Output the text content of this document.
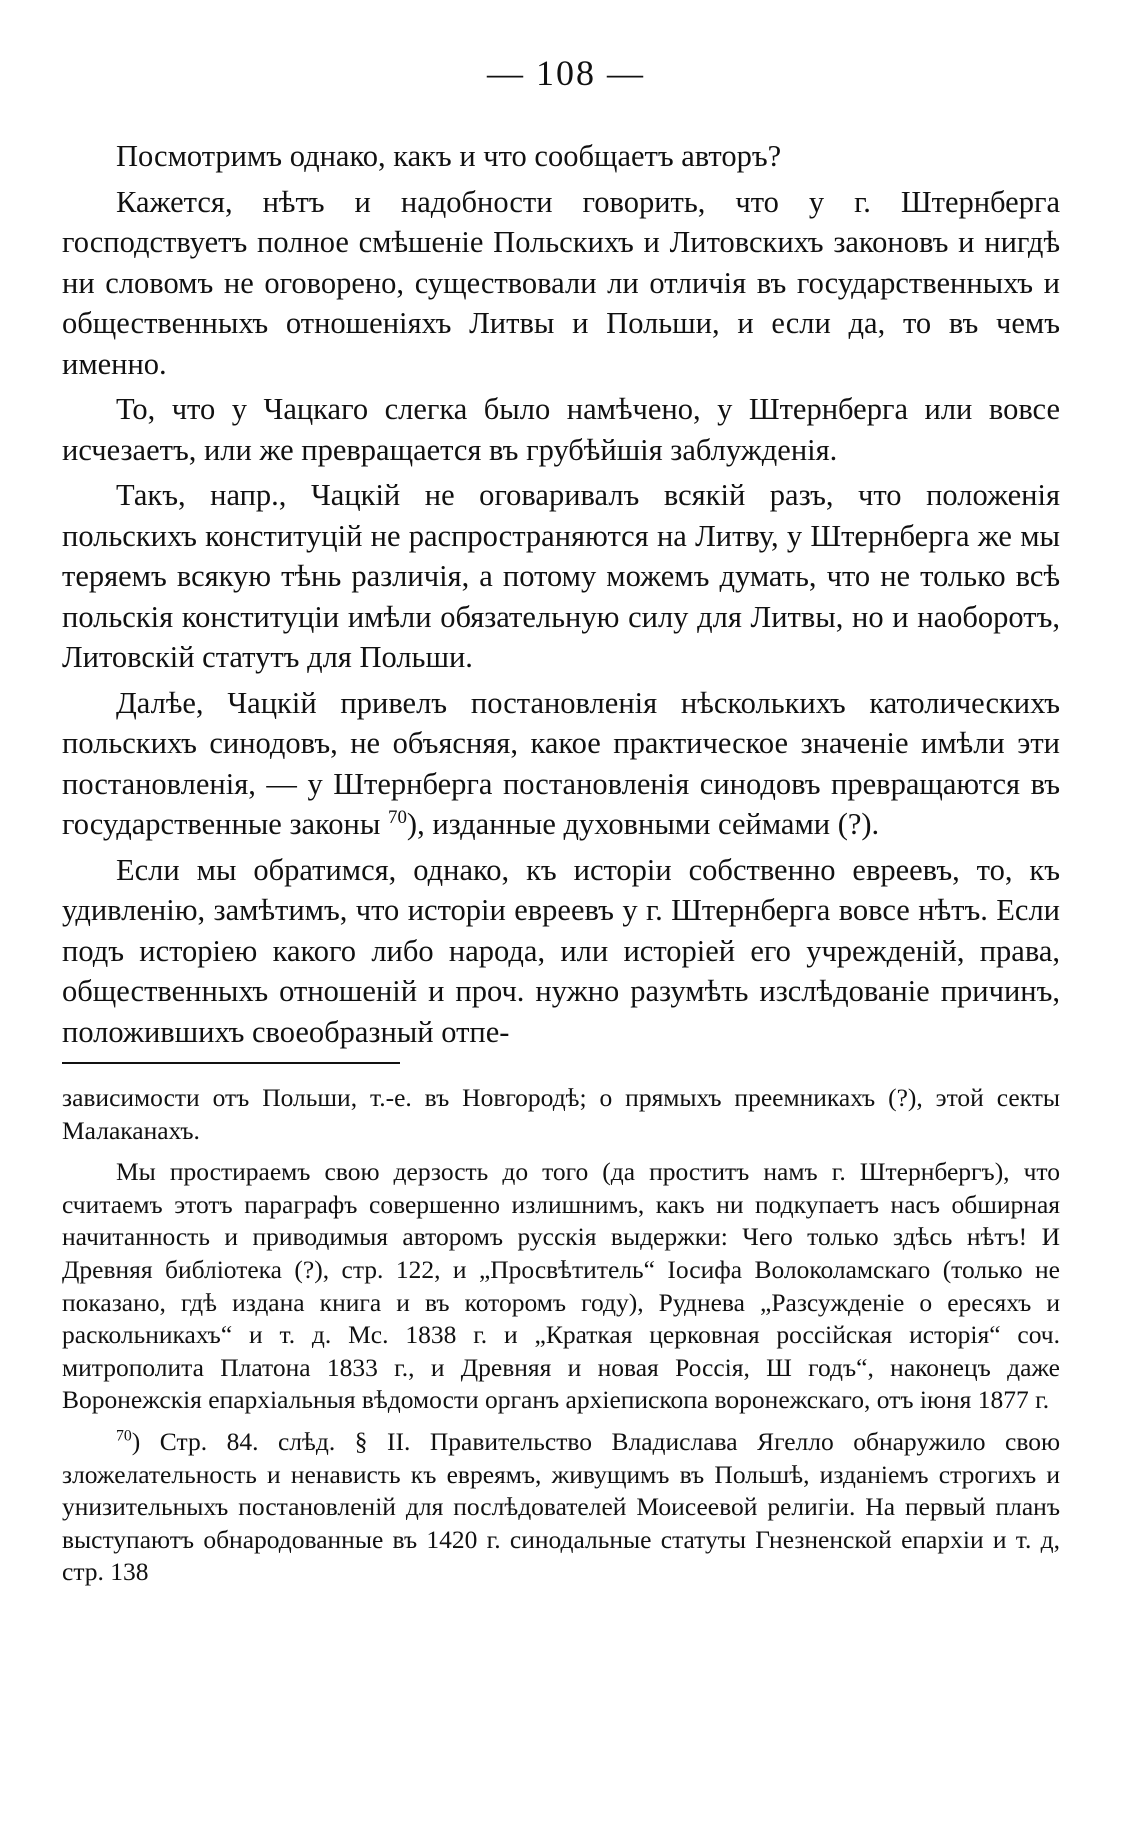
— 108 —

Посмотримъ однако, какъ и что сообщаетъ авторъ?

Кажется, нѣтъ и надобности говорить, что у г. Штернберга господствуетъ полное смѣшеніе Польскихъ и Литовскихъ законовъ и нигдѣ ни словомъ не оговорено, существовали ли отличія въ государственныхъ и общественныхъ отношеніяхъ Литвы и Польши, и если да, то въ чемъ именно.

То, что у Чацкаго слегка было намѣчено, у Штернберга или вовсе исчезаетъ, или же превращается въ грубѣйшія заблужденія.

Такъ, напр., Чацкій не оговаривалъ всякій разъ, что положенія польскихъ конституцій не распространяются на Литву, у Штернберга же мы теряемъ всякую тѣнь различія, а потому можемъ думать, что не только всѣ польскія конституціи имѣли обязательную силу для Литвы, но и наоборотъ, Литовскій статутъ для Польши.

Далѣе, Чацкій привелъ постановленія нѣсколькихъ католическихъ польскихъ синодовъ, не объясняя, какое практическое значеніе имѣли эти постановленія, — у Штернберга постановленія синодовъ превращаются въ государственные законы $^{70}$), изданные духовными сеймами (?).

Если мы обратимся, однако, къ исторіи собственно евреевъ, то, къ удивленію, замѣтимъ, что исторіи евреевъ у г. Штернберга вовсе нѣтъ. Если подъ исторіею какого либо народа, или исторіей его учрежденій, права, общественныхъ отношеній и проч. нужно разумѣть изслѣдованіе причинъ, положившихъ своеобразный отпе-

зависимости отъ Польши, т.-е. въ Новгородѣ; о прямыхъ преемникахъ (?), этой секты Малаканахъ.

Мы простираемъ свою дерзость до того (да проститъ намъ г. Штернбергъ), что считаемъ этотъ параграфъ совершенно излишнимъ, какъ ни подкупаетъ насъ обширная начитанность и приводимыя авторомъ русскія выдержки: Чего только здѣсь нѣтъ! И Древняя библіотека (?), стр. 122, и „Просвѣтитель“ Іосифа Волоколамскаго (только не показано, гдѣ издана книга и въ которомъ году), Руднева „Разсужденіе о ересяхъ и раскольникахъ“ и т. д. Мс. 1838 г. и „Краткая церковная россійская исторія“ соч. митрополита Платона 1833 г., и Древняя и новая Россія, Ш годъ“, наконецъ даже Воронежскія епархіальныя вѣдомости органъ архіепископа воронежскаго, отъ іюня 1877 г.

$^{70}$) Стр. 84. слѣд. § II. Правительство Владислава Ягелло обнаружило свою зложелательность и ненависть къ евреямъ, живущимъ въ Польшѣ, изданіемъ строгихъ и унизительныхъ постановленій для послѣдователей Моисеевой религіи. На первый планъ выступаютъ обнародованные въ 1420 г. синодальные статуты Гнезненской епархіи и т. д, стр. 138
